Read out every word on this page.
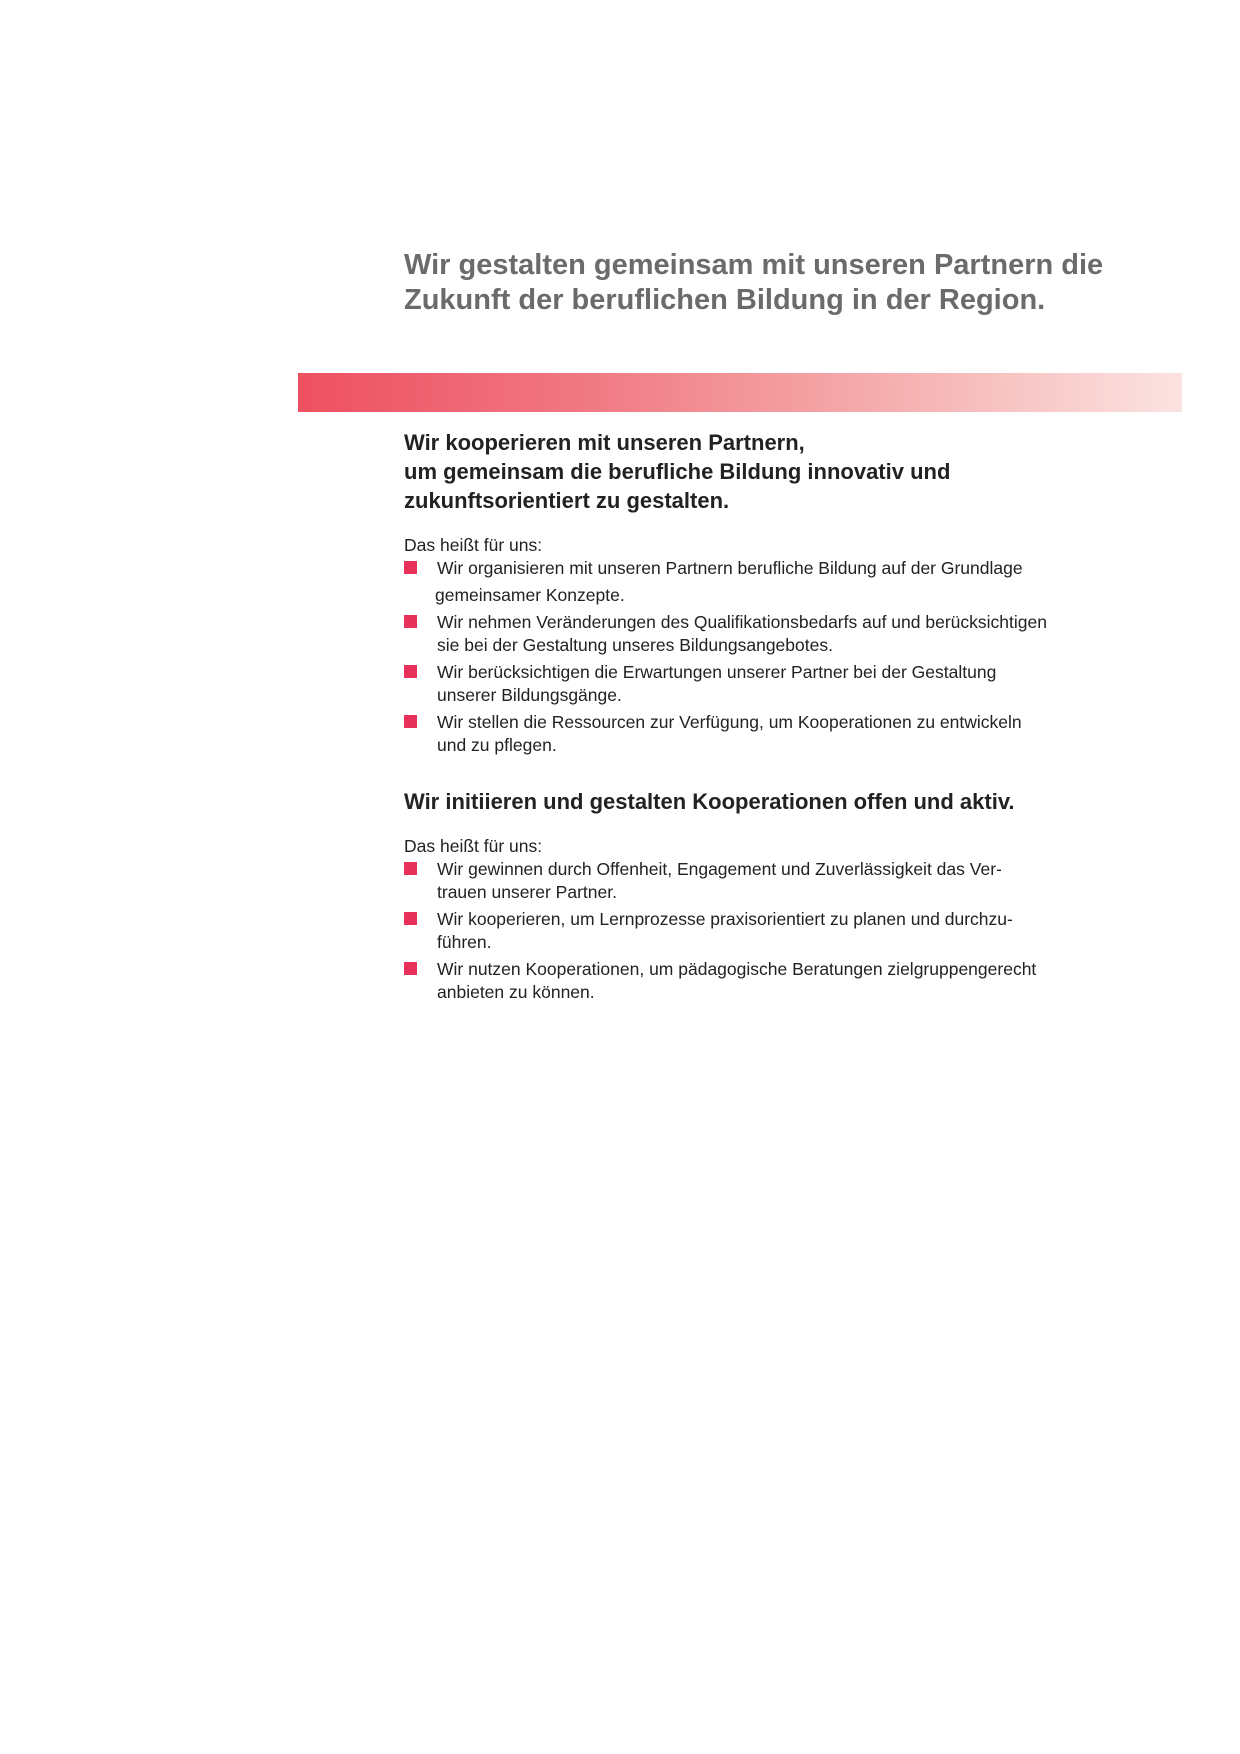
Wir gestalten gemeinsam mit unseren Partnern die
Zukunft der beruflichen Bildung in der Region.
Wir kooperieren mit unseren Partnern,
um gemeinsam die berufliche Bildung innovativ und
zukunftsorientiert zu gestalten.

Das heißt für uns:

Wir organisieren mit unseren Partnern berufliche Bildung auf der Grundlage
gemeinsamer Konzepte.
Wir nehmen Veränderungen des Qualifikationsbedarfs auf und berücksichtigen
sie bei der Gestaltung unseres Bildungsangebotes.
Wir berücksichtigen die Erwartungen unserer Partner bei der Gestaltung
unserer Bildungsgänge.
Wir stellen die Ressourcen zur Verfügung, um Kooperationen zu entwickeln
und zu pflegen.
Wir initiieren und gestalten Kooperationen offen und aktiv.

Das heißt für uns:

Wir gewinnen durch Offenheit, Engagement und Zuverlässigkeit das Ver-
trauen unserer Partner.
Wir kooperieren, um Lernprozesse praxisorientiert zu planen und durchzu-
führen.
Wir nutzen Kooperationen, um pädagogische Beratungen zielgruppengerecht
anbieten zu können.
